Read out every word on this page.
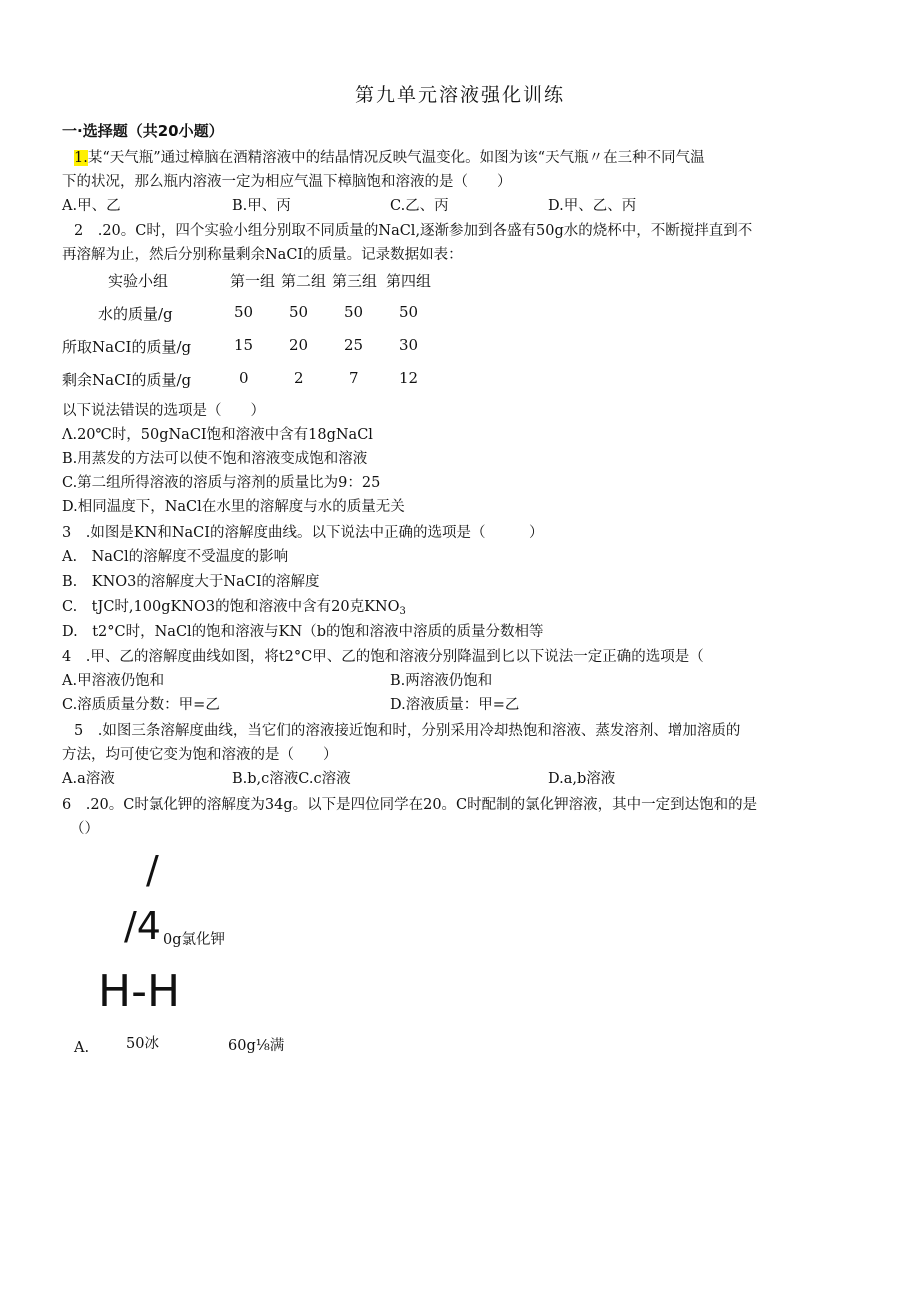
第九单元溶液强化训练
一·选择题（共20小题）
1.某“天气瓶”通过樟脑在酒精溶液中的结晶情况反映气温变化。如图为该“天气瓶〃在三种不同气温
下的状况，那么瓶内溶液一定为相应气温下樟脑饱和溶液的是（　　）
A.甲、乙	B.甲、丙	C.乙、丙	D.甲、乙、丙
2　.20。C时，四个实验小组分别取不同质量的NaCl,逐渐参加到各盛有50g水的烧杯中，不断搅拌直到不
再溶解为止，然后分别称量剩余NaCI的质量。记录数据如表：
实验小组	第一组 第二组 第三组 第四组
水的质量/g	50 50 50 50
所取NaCI的质量/g	15 20 25 30
剩余NaCI的质量/g	0	2	7	12
以下说法错误的选项是（　　）
Λ.20℃时，50gNaCI饱和溶液中含有18gNaCl
B.用蒸发的方法可以使不饱和溶液变成饱和溶液
C.第二组所得溶液的溶质与溶剂的质量比为9：25
D.相同温度下，NaCl在水里的溶解度与水的质量无关
3　.如图是KN和NaCI的溶解度曲线。以下说法中正确的选项是（　　　）
A.　NaCl的溶解度不受温度的影响
B.　KNO3的溶解度大于NaCI的溶解度
C.　tJC时,100gKNO3的饱和溶液中含有20克$KNO_3$
D.　t2°C时，NaCl的饱和溶液与KN（b的饱和溶液中溶质的质量分数相等
4　.甲、乙的溶解度曲线如图，将t2°C甲、乙的饱和溶液分别降温到匕以下说法一定正确的选项是（
A.甲溶液仍饱和	B.两溶液仍饱和
C.溶质质量分数：甲=乙	D.溶液质量：甲=乙
5　.如图三条溶解度曲线，当它们的溶液接近饱和时，分别采用冷却热饱和溶液、蒸发溶剂、增加溶质的
方法，均可使它变为饱和溶液的是（　　）
A.a溶液	B.b,c溶液C.c溶液	D.a,b溶液
6　.20。C时氯化钾的溶解度为34g。以下是四位同学在20。C时配制的氯化钾溶液，其中一定到达饱和的是
（）
/
/4 0g氯化钾
H-H
A.	50冰	60g⅛满
